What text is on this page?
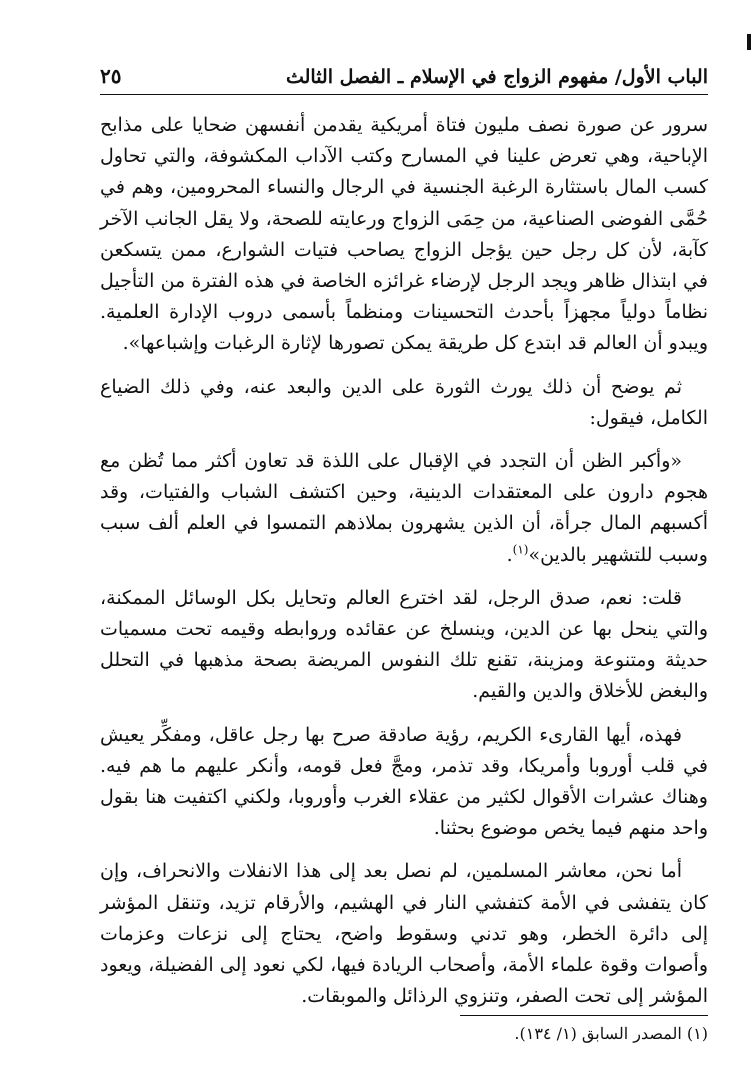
الباب الأول/ مفهوم الزواج في الإسلام ـ الفصل الثالث
٢٥

سرور عن صورة نصف مليون فتاة أمريكية يقدمن أنفسهن ضحايا على مذابح الإباحية، وهي تعرض علينا في المسارح وكتب الآداب المكشوفة، والتي تحاول كسب المال باستثارة الرغبة الجنسية في الرجال والنساء المحرومين، وهم في حُمَّى الفوضى الصناعية، من حِمَى الزواج ورعايته للصحة، ولا يقل الجانب الآخر كآبة، لأن كل رجل حين يؤجل الزواج يصاحب فتيات الشوارع، ممن يتسكعن في ابتذال ظاهر ويجد الرجل لإرضاء غرائزه الخاصة في هذه الفترة من التأجيل نظاماً دولياً مجهزاً بأحدث التحسينات ومنظماً بأسمى دروب الإدارة العلمية. ويبدو أن العالم قد ابتدع كل طريقة يمكن تصورها لإثارة الرغبات وإشباعها».

ثم يوضح أن ذلك يورث الثورة على الدين والبعد عنه، وفي ذلك الضياع الكامل، فيقول:

«وأكبر الظن أن التجدد في الإقبال على اللذة قد تعاون أكثر مما تُظن مع هجوم دارون على المعتقدات الدينية، وحين اكتشف الشباب والفتيات، وقد أكسبهم المال جرأة، أن الذين يشهرون بملاذهم التمسوا في العلم ألف سبب وسبب للتشهير بالدين»$^{(١)}$.

قلت: نعم، صدق الرجل، لقد اخترع العالم وتحايل بكل الوسائل الممكنة، والتي ينحل بها عن الدين، وينسلخ عن عقائده وروابطه وقيمه تحت مسميات حديثة ومتنوعة ومزينة، تقنع تلك النفوس المريضة بصحة مذهبها في التحلل والبغض للأخلاق والدين والقيم.

فهذه، أيها القارىء الكريم، رؤية صادقة صرح بها رجل عاقل، ومفكِّر يعيش في قلب أوروبا وأمريكا، وقد تذمر، ومجَّ فعل قومه، وأنكر عليهم ما هم فيه. وهناك عشرات الأقوال لكثير من عقلاء الغرب وأوروبا، ولكني اكتفيت هنا بقول واحد منهم فيما يخص موضوع بحثنا.

أما نحن، معاشر المسلمين، لم نصل بعد إلى هذا الانفلات والانحراف، وإن كان يتفشى في الأمة كتفشي النار في الهشيم، والأرقام تزيد، وتنقل المؤشر إلى دائرة الخطر، وهو تدني وسقوط واضح، يحتاج إلى نزعات وعزمات وأصوات وقوة علماء الأمة، وأصحاب الريادة فيها، لكي نعود إلى الفضيلة، ويعود المؤشر إلى تحت الصفر، وتنزوي الرذائل والموبقات.

(١) المصدر السابق (١/ ١٣٤).
